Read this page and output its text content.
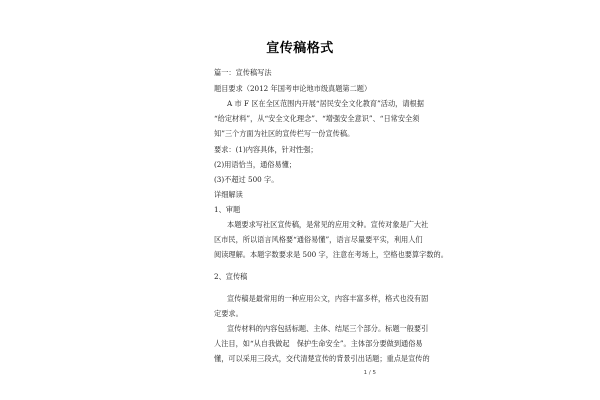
宣传稿格式
篇一：宣传稿写法
题目要求（2012 年国考申论地市级真题第二题）
A 市 F 区在全区范围内开展“居民安全文化教育”活动，请根据
“给定材料”，从“安全文化理念”、“增强安全意识”、“日常安全须
知”三个方面为社区的宣传栏写一份宣传稿。
要求：(1)内容具体，针对性强；
(2)用语恰当，通俗易懂；
(3)不超过 500 字。
详细解读
1、审题
本题要求写社区宣传稿，是常见的应用文种。宣传对象是广大社
区市民，所以语言风格要“通俗易懂”，语言尽量要平实，利用人们
阅读理解。本题字数要求是 500 字，注意在考场上，空格也要算字数的。
2、宣传稿
宣传稿是最常用的一种应用公文，内容丰富多样，格式也没有固
定要求。
宣传材料的内容包括标题、主体、结尾三个部分。标题一般要引
人注目，如“从自我做起　保护生命安全”。主体部分要做到通俗易
懂，可以采用三段式，交代清楚宣传的背景引出话题；重点是宣传的
1 / 5
